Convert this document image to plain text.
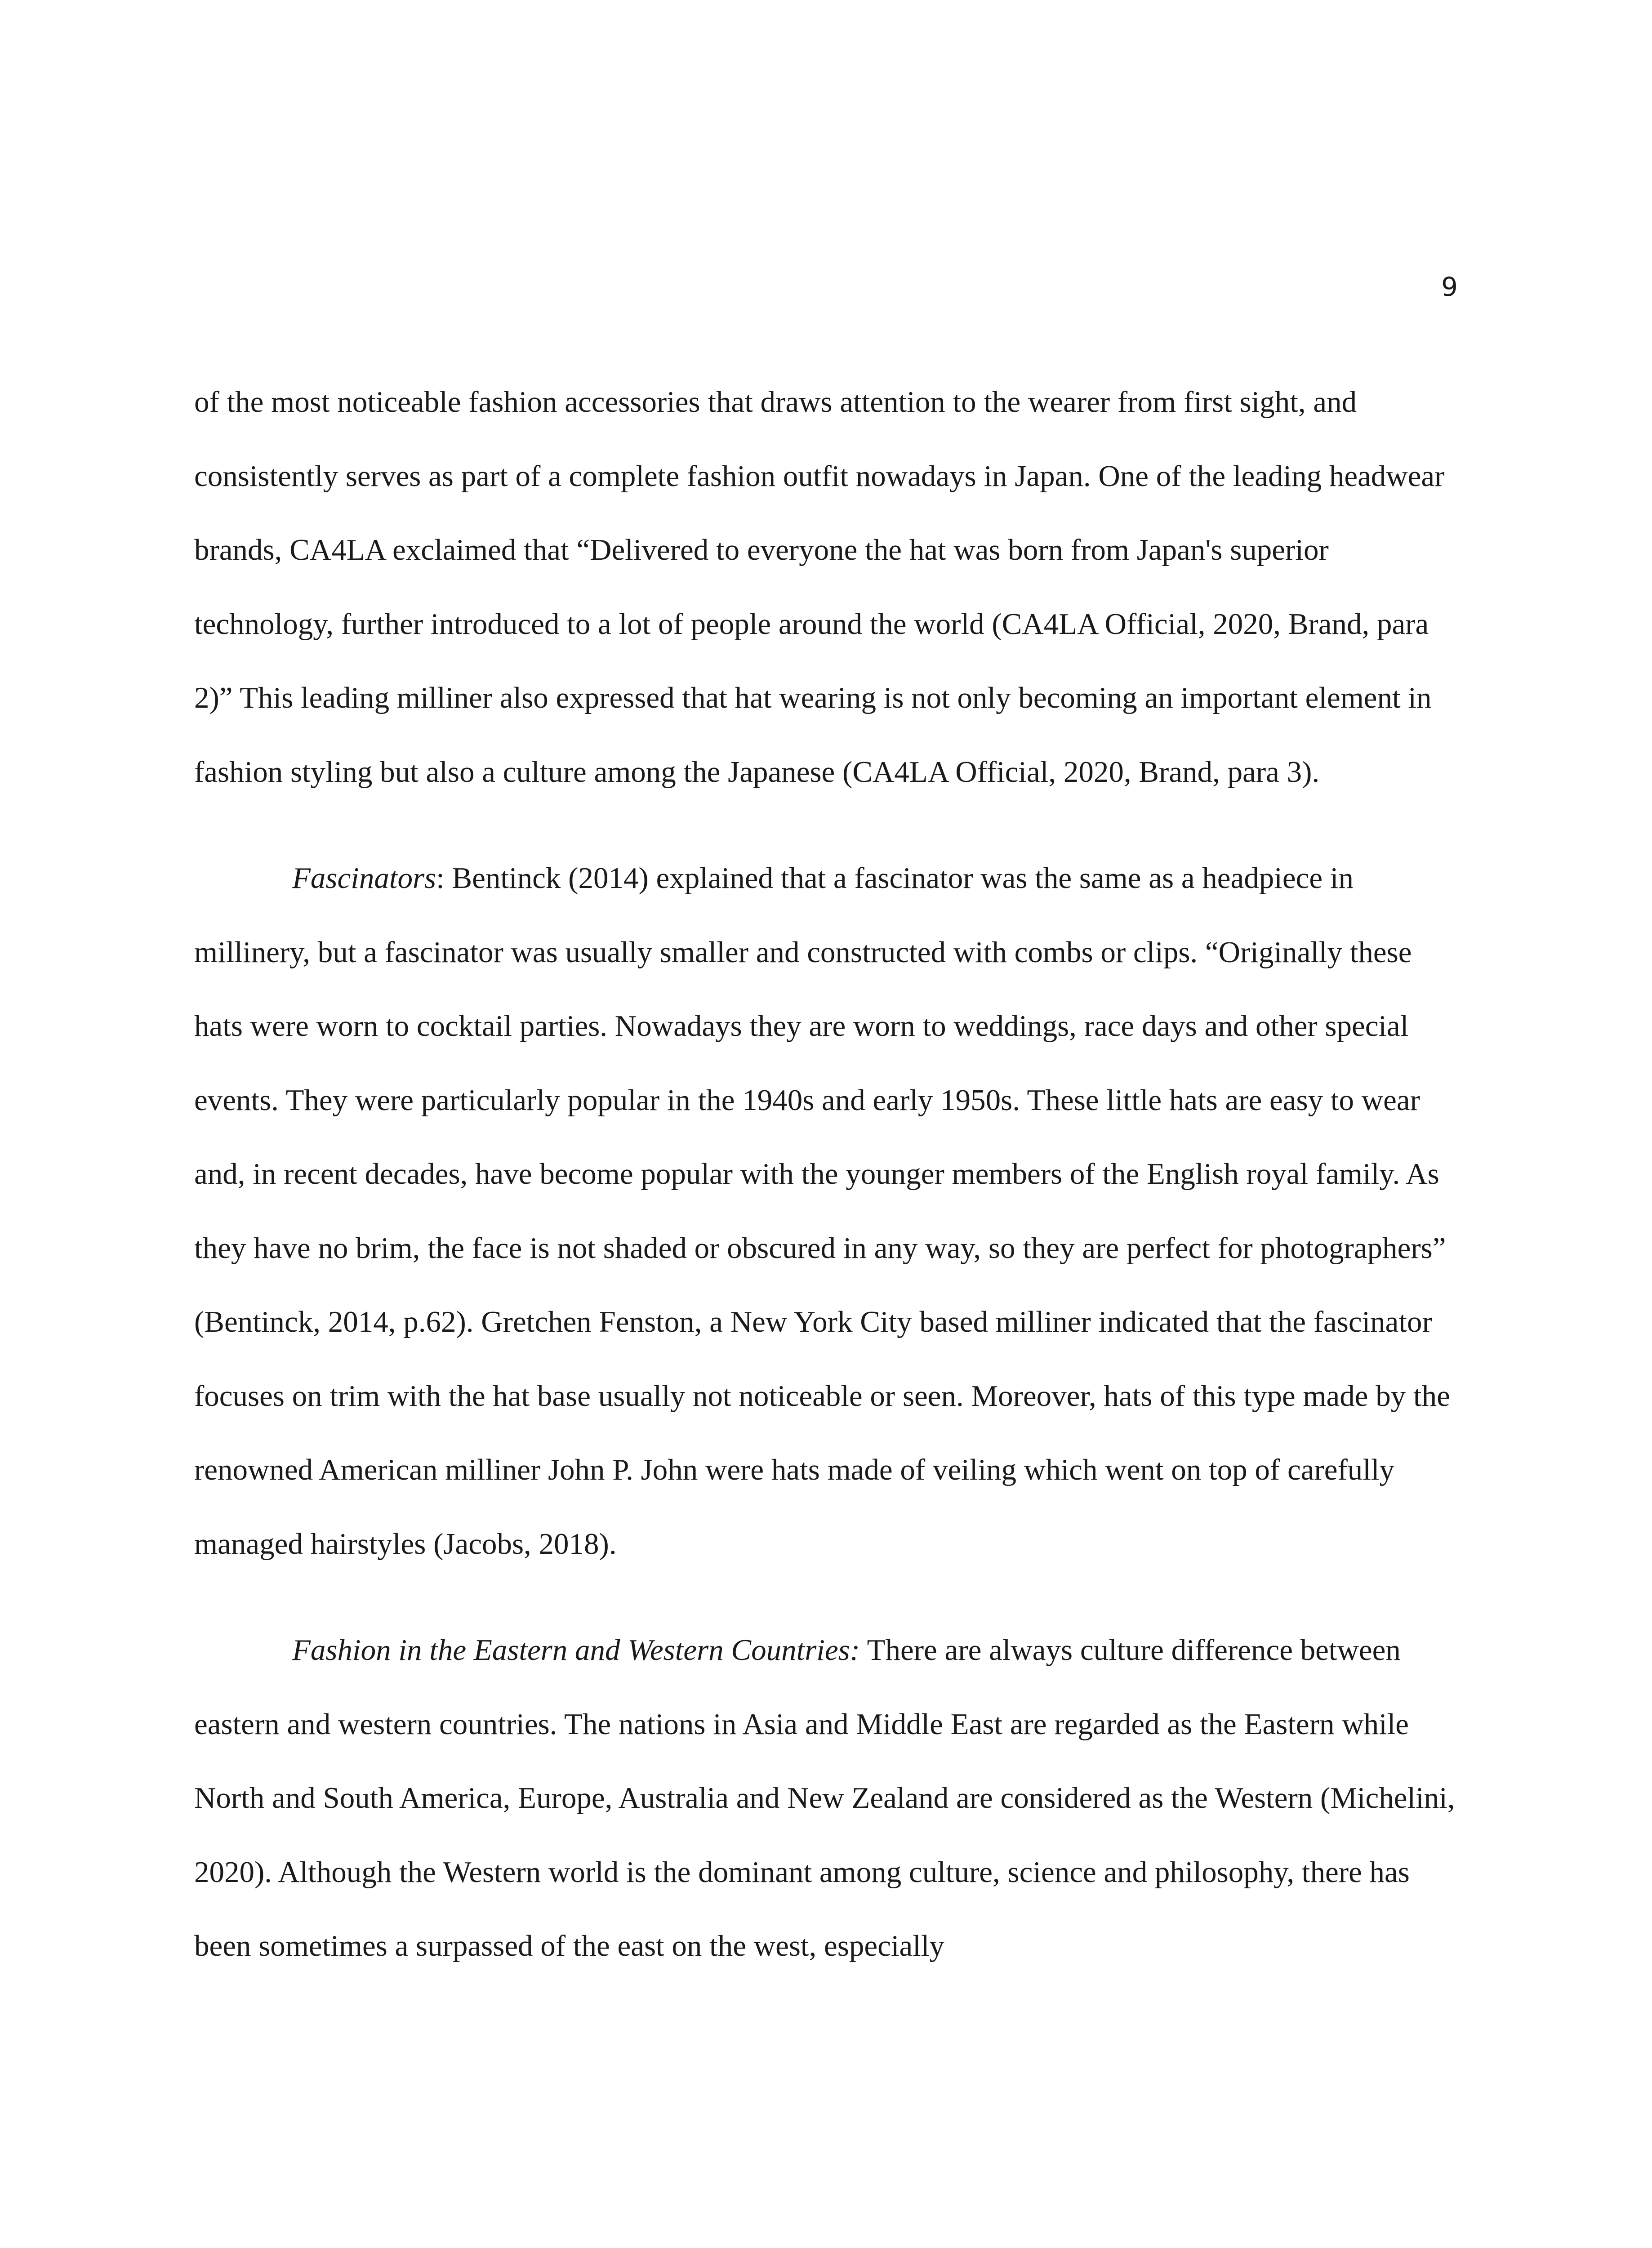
9

of the most noticeable fashion accessories that draws attention to the wearer from first sight, and consistently serves as part of a complete fashion outfit nowadays in Japan. One of the leading headwear brands, CA4LA exclaimed that “Delivered to everyone the hat was born from Japan's superior technology, further introduced to a lot of people around the world (CA4LA Official, 2020, Brand, para 2)” This leading milliner also expressed that hat wearing is not only becoming an important element in fashion styling but also a culture among the Japanese (CA4LA Official, 2020, Brand, para 3).

Fascinators: Bentinck (2014) explained that a fascinator was the same as a headpiece in millinery, but a fascinator was usually smaller and constructed with combs or clips. “Originally these hats were worn to cocktail parties. Nowadays they are worn to weddings, race days and other special events. They were particularly popular in the 1940s and early 1950s. These little hats are easy to wear and, in recent decades, have become popular with the younger members of the English royal family. As they have no brim, the face is not shaded or obscured in any way, so they are perfect for photographers” (Bentinck, 2014, p.62). Gretchen Fenston, a New York City based milliner indicated that the fascinator focuses on trim with the hat base usually not noticeable or seen. Moreover, hats of this type made by the renowned American milliner John P. John were hats made of veiling which went on top of carefully managed hairstyles (Jacobs, 2018).

Fashion in the Eastern and Western Countries: There are always culture difference between eastern and western countries. The nations in Asia and Middle East are regarded as the Eastern while North and South America, Europe, Australia and New Zealand are considered as the Western (Michelini, 2020). Although the Western world is the dominant among culture, science and philosophy, there has been sometimes a surpassed of the east on the west, especially
